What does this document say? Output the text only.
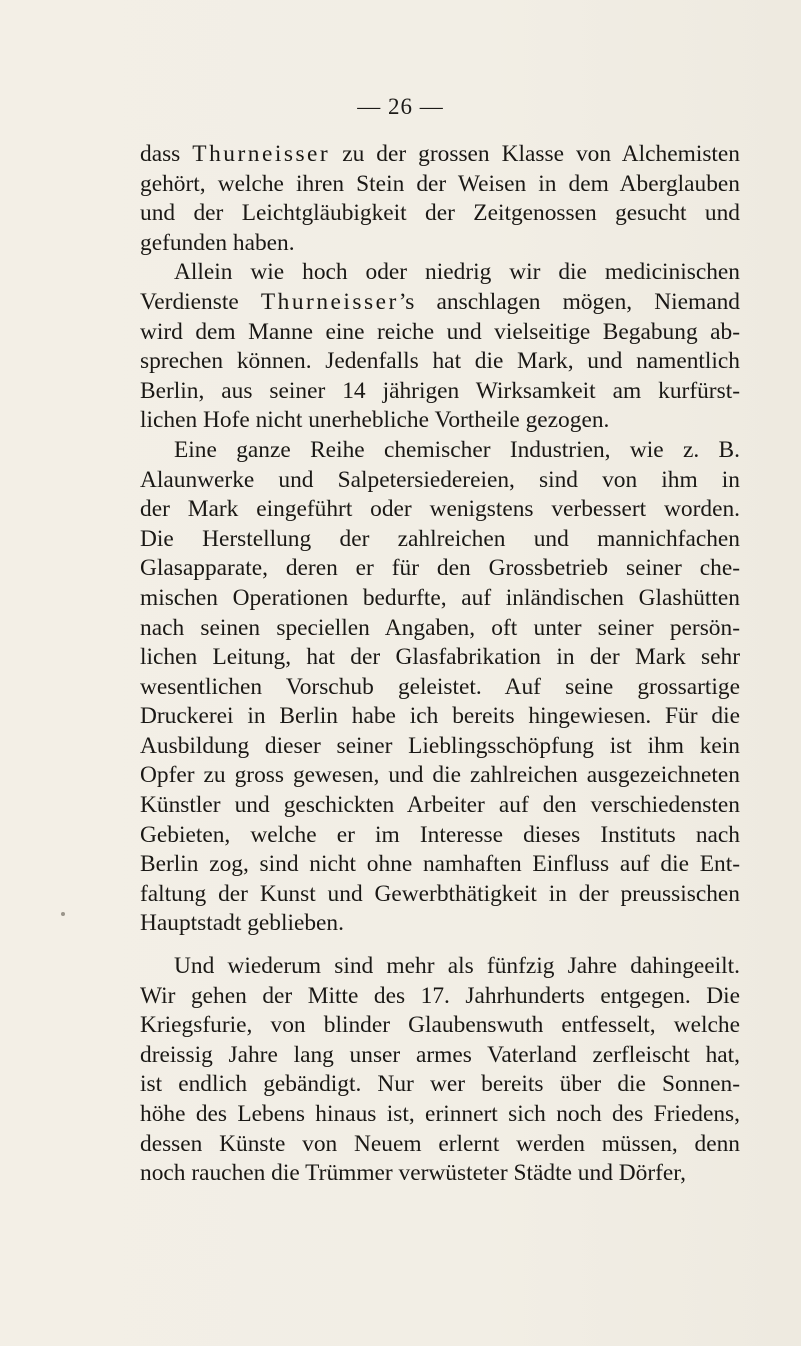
— 26 —
dass Thurneisser zu der grossen Klasse von Alchemisten
gehört, welche ihren Stein der Weisen in dem Aberglauben
und der Leichtgläubigkeit der Zeitgenossen gesucht und
gefunden haben.
Allein wie hoch oder niedrig wir die medicinischen
Verdienste Thurneisser’s anschlagen mögen, Niemand
wird dem Manne eine reiche und vielseitige Begabung ab-
sprechen können. Jedenfalls hat die Mark, und namentlich
Berlin, aus seiner 14 jährigen Wirksamkeit am kurfürst-
lichen Hofe nicht unerhebliche Vortheile gezogen.
Eine ganze Reihe chemischer Industrien, wie z. B.
Alaunwerke und Salpetersiedereien, sind von ihm in
der Mark eingeführt oder wenigstens verbessert worden.
Die Herstellung der zahlreichen und mannichfachen
Glasapparate, deren er für den Grossbetrieb seiner che-
mischen Operationen bedurfte, auf inländischen Glashütten
nach seinen speciellen Angaben, oft unter seiner persön-
lichen Leitung, hat der Glasfabrikation in der Mark sehr
wesentlichen Vorschub geleistet. Auf seine grossartige
Druckerei in Berlin habe ich bereits hingewiesen. Für die
Ausbildung dieser seiner Lieblingsschöpfung ist ihm kein
Opfer zu gross gewesen, und die zahlreichen ausgezeichneten
Künstler und geschickten Arbeiter auf den verschiedensten
Gebieten, welche er im Interesse dieses Instituts nach
Berlin zog, sind nicht ohne namhaften Einfluss auf die Ent-
faltung der Kunst und Gewerbthätigkeit in der preussischen
Hauptstadt geblieben.
Und wiederum sind mehr als fünfzig Jahre dahingeeilt.
Wir gehen der Mitte des 17. Jahrhunderts entgegen. Die
Kriegsfurie, von blinder Glaubenswuth entfesselt, welche
dreissig Jahre lang unser armes Vaterland zerfleischt hat,
ist endlich gebändigt. Nur wer bereits über die Sonnen-
höhe des Lebens hinaus ist, erinnert sich noch des Friedens,
dessen Künste von Neuem erlernt werden müssen, denn
noch rauchen die Trümmer verwüsteter Städte und Dörfer,
